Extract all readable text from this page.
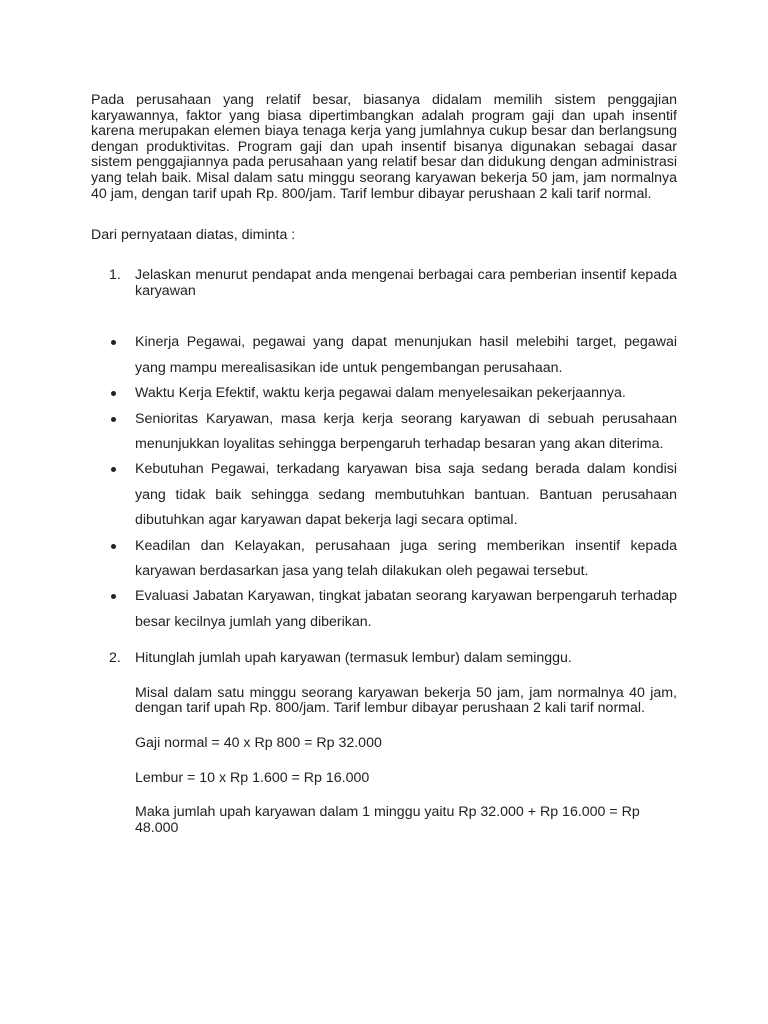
Pada perusahaan yang relatif besar, biasanya didalam memilih sistem penggajian karyawannya, faktor yang biasa dipertimbangkan adalah program gaji dan upah insentif karena merupakan elemen biaya tenaga kerja yang jumlahnya cukup besar dan berlangsung dengan produktivitas. Program gaji dan upah insentif bisanya digunakan sebagai dasar sistem penggajiannya pada perusahaan yang relatif besar dan didukung dengan administrasi yang telah baik. Misal dalam satu minggu seorang karyawan bekerja 50 jam, jam normalnya 40 jam, dengan tarif upah Rp. 800/jam. Tarif lembur dibayar perushaan 2 kali tarif normal.

Dari pernyataan diatas, diminta :

1. Jelaskan menurut pendapat anda mengenai berbagai cara pemberian insentif kepada karyawan
Kinerja Pegawai, pegawai yang dapat menunjukan hasil melebihi target, pegawai yang mampu merealisasikan ide untuk pengembangan perusahaan.
Waktu Kerja Efektif, waktu kerja pegawai dalam menyelesaikan pekerjaannya.
Senioritas Karyawan, masa kerja kerja seorang karyawan di sebuah perusahaan menunjukkan loyalitas sehingga berpengaruh terhadap besaran yang akan diterima.
Kebutuhan Pegawai, terkadang karyawan bisa saja sedang berada dalam kondisi yang tidak baik sehingga sedang membutuhkan bantuan. Bantuan perusahaan dibutuhkan agar karyawan dapat bekerja lagi secara optimal.
Keadilan dan Kelayakan, perusahaan juga sering memberikan insentif kepada karyawan berdasarkan jasa yang telah dilakukan oleh pegawai tersebut.
Evaluasi Jabatan Karyawan, tingkat jabatan seorang karyawan berpengaruh terhadap besar kecilnya jumlah yang diberikan.
2. Hitunglah jumlah upah karyawan (termasuk lembur) dalam seminggu.
Misal dalam satu minggu seorang karyawan bekerja 50 jam, jam normalnya 40 jam, dengan tarif upah Rp. 800/jam. Tarif lembur dibayar perushaan 2 kali tarif normal.
Gaji normal = 40 x Rp 800 = Rp 32.000
Lembur = 10 x Rp 1.600 = Rp 16.000
Maka jumlah upah karyawan dalam 1 minggu yaitu Rp 32.000 + Rp 16.000 = Rp 48.000
